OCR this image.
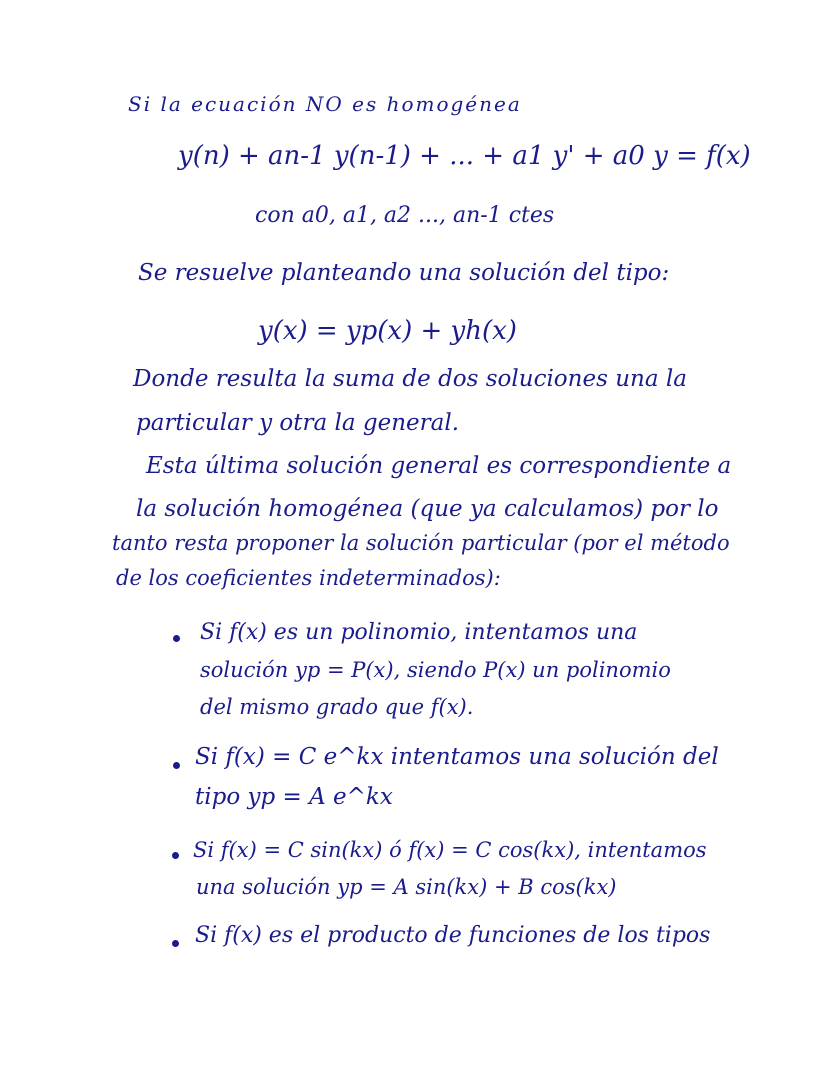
Si la ecuación NO es homogénea
y(n) + an-1 y(n-1) + ... + a1 y' + a0 y = f(x)
con a0, a1, a2 ..., an-1 ctes
Se resuelve planteando una solución del tipo:
y(x) = yp(x) + yh(x)
Donde resulta la suma de dos soluciones una la
particular y otra la general.
Esta última solución general es correspondiente a
la solución homogénea (que ya calculamos) por lo
tanto resta proponer la solución particular (por el método
de los coeficientes indeterminados):
Si f(x) es un polinomio, intentamos una
solución yp = P(x), siendo P(x) un polinomio
del mismo grado que f(x).
Si f(x) = C e^kx intentamos una solución del
tipo yp = A e^kx
Si f(x) = C sin(kx) ó f(x) = C cos(kx), intentamos
una solución yp = A sin(kx) + B cos(kx)
Si f(x) es el producto de funciones de los tipos
